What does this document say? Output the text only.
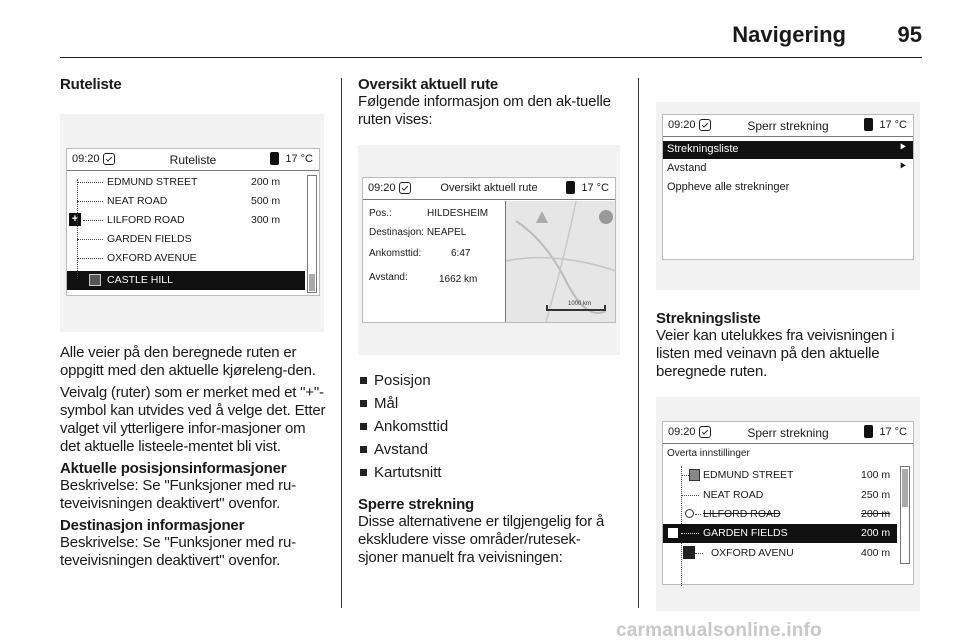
Navigering 95
Ruteliste
09:20	Ruteliste	17 °C
EDMUND STREET	200 m
NEAT ROAD	500 m
+	LILFORD ROAD	300 m
GARDEN FIELDS
OXFORD AVENUE
CASTLE HILL
Alle veier på den beregnede ruten er oppgitt med den aktuelle kjøreleng-den.
Veivalg (ruter) som er merket med et "+"-symbol kan utvides ved å velge det. Etter valget vil ytterligere infor-masjoner om det aktuelle listeele-mentet bli vist.
Aktuelle posisjonsinformasjoner
Beskrivelse: Se "Funksjoner med ru-teveivisningen deaktivert" ovenfor.
Destinasjon informasjoner
Beskrivelse: Se "Funksjoner med ru-teveivisningen deaktivert" ovenfor.
Oversikt aktuell rute
Følgende informasjon om den ak-tuelle ruten vises:
09:20	Oversikt aktuell rute	17 °C
Pos.:	HILDESHEIM
Destinasjon: NEAPEL
Ankomsttid:	6:47
Avstand:	1662 km
1000 km
Posisjon
Mål
Ankomsttid
Avstand
Kartutsnitt
Sperre strekning
Disse alternativene er tilgjengelig for å ekskludere visse områder/rutesek-sjoner manuelt fra veivisningen:
09:20	Sperr strekning	17 °C
Strekningsliste	⯈
Avstand	⯈
Oppheve alle strekninger
Strekningsliste
Veier kan utelukkes fra veivisningen i listen med veinavn på den aktuelle beregnede ruten.
09:20	Sperr strekning	17 °C
Overta innstillinger
EDMUND STREET	100 m
NEAT ROAD	250 m
LILFORD ROAD	200 m
GARDEN FIELDS	200 m
OXFORD AVENU	400 m
carmanualsonline.info
